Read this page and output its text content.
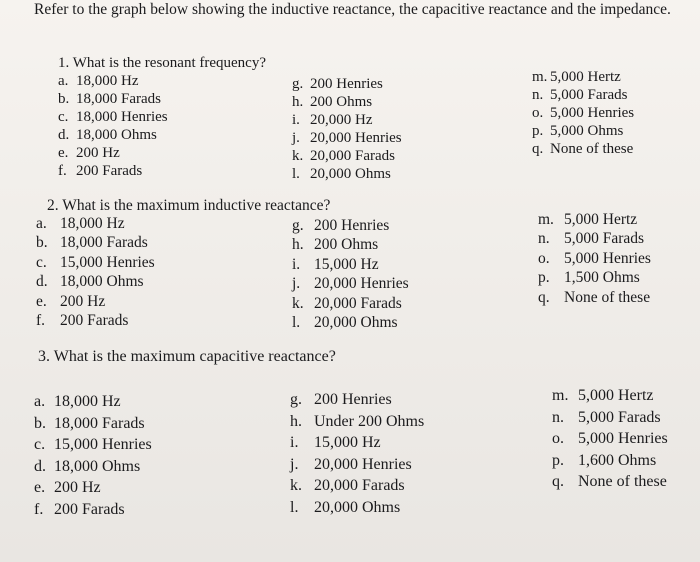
Refer to the graph below showing the inductive reactance, the capacitive reactance and the impedance.
1. What is the resonant frequency?
a. 18,000 Hz
b. 18,000 Farads
c. 18,000 Henries
d. 18,000 Ohms
e. 200 Hz
f. 200 Farads
g. 200 Henries
h. 200 Ohms
i. 20,000 Hz
j. 20,000 Henries
k. 20,000 Farads
l. 20,000 Ohms
m. 5,000 Hertz
n. 5,000 Farads
o. 5,000 Henries
p. 5,000 Ohms
q. None of these
2. What is the maximum inductive reactance?
a. 18,000 Hz
b. 18,000 Farads
c. 15,000 Henries
d. 18,000 Ohms
e. 200 Hz
f. 200 Farads
g. 200 Henries
h. 200 Ohms
i. 15,000 Hz
j. 20,000 Henries
k. 20,000 Farads
l. 20,000 Ohms
m. 5,000 Hertz
n. 5,000 Farads
o. 5,000 Henries
p. 1,500 Ohms
q. None of these
3. What is the maximum capacitive reactance?
a. 18,000 Hz
b. 18,000 Farads
c. 15,000 Henries
d. 18,000 Ohms
e. 200 Hz
f. 200 Farads
g. 200 Henries
h. Under 200 Ohms
i. 15,000 Hz
j. 20,000 Henries
k. 20,000 Farads
l. 20,000 Ohms
m. 5,000 Hertz
n. 5,000 Farads
o. 5,000 Henries
p. 1,600 Ohms
q. None of these
